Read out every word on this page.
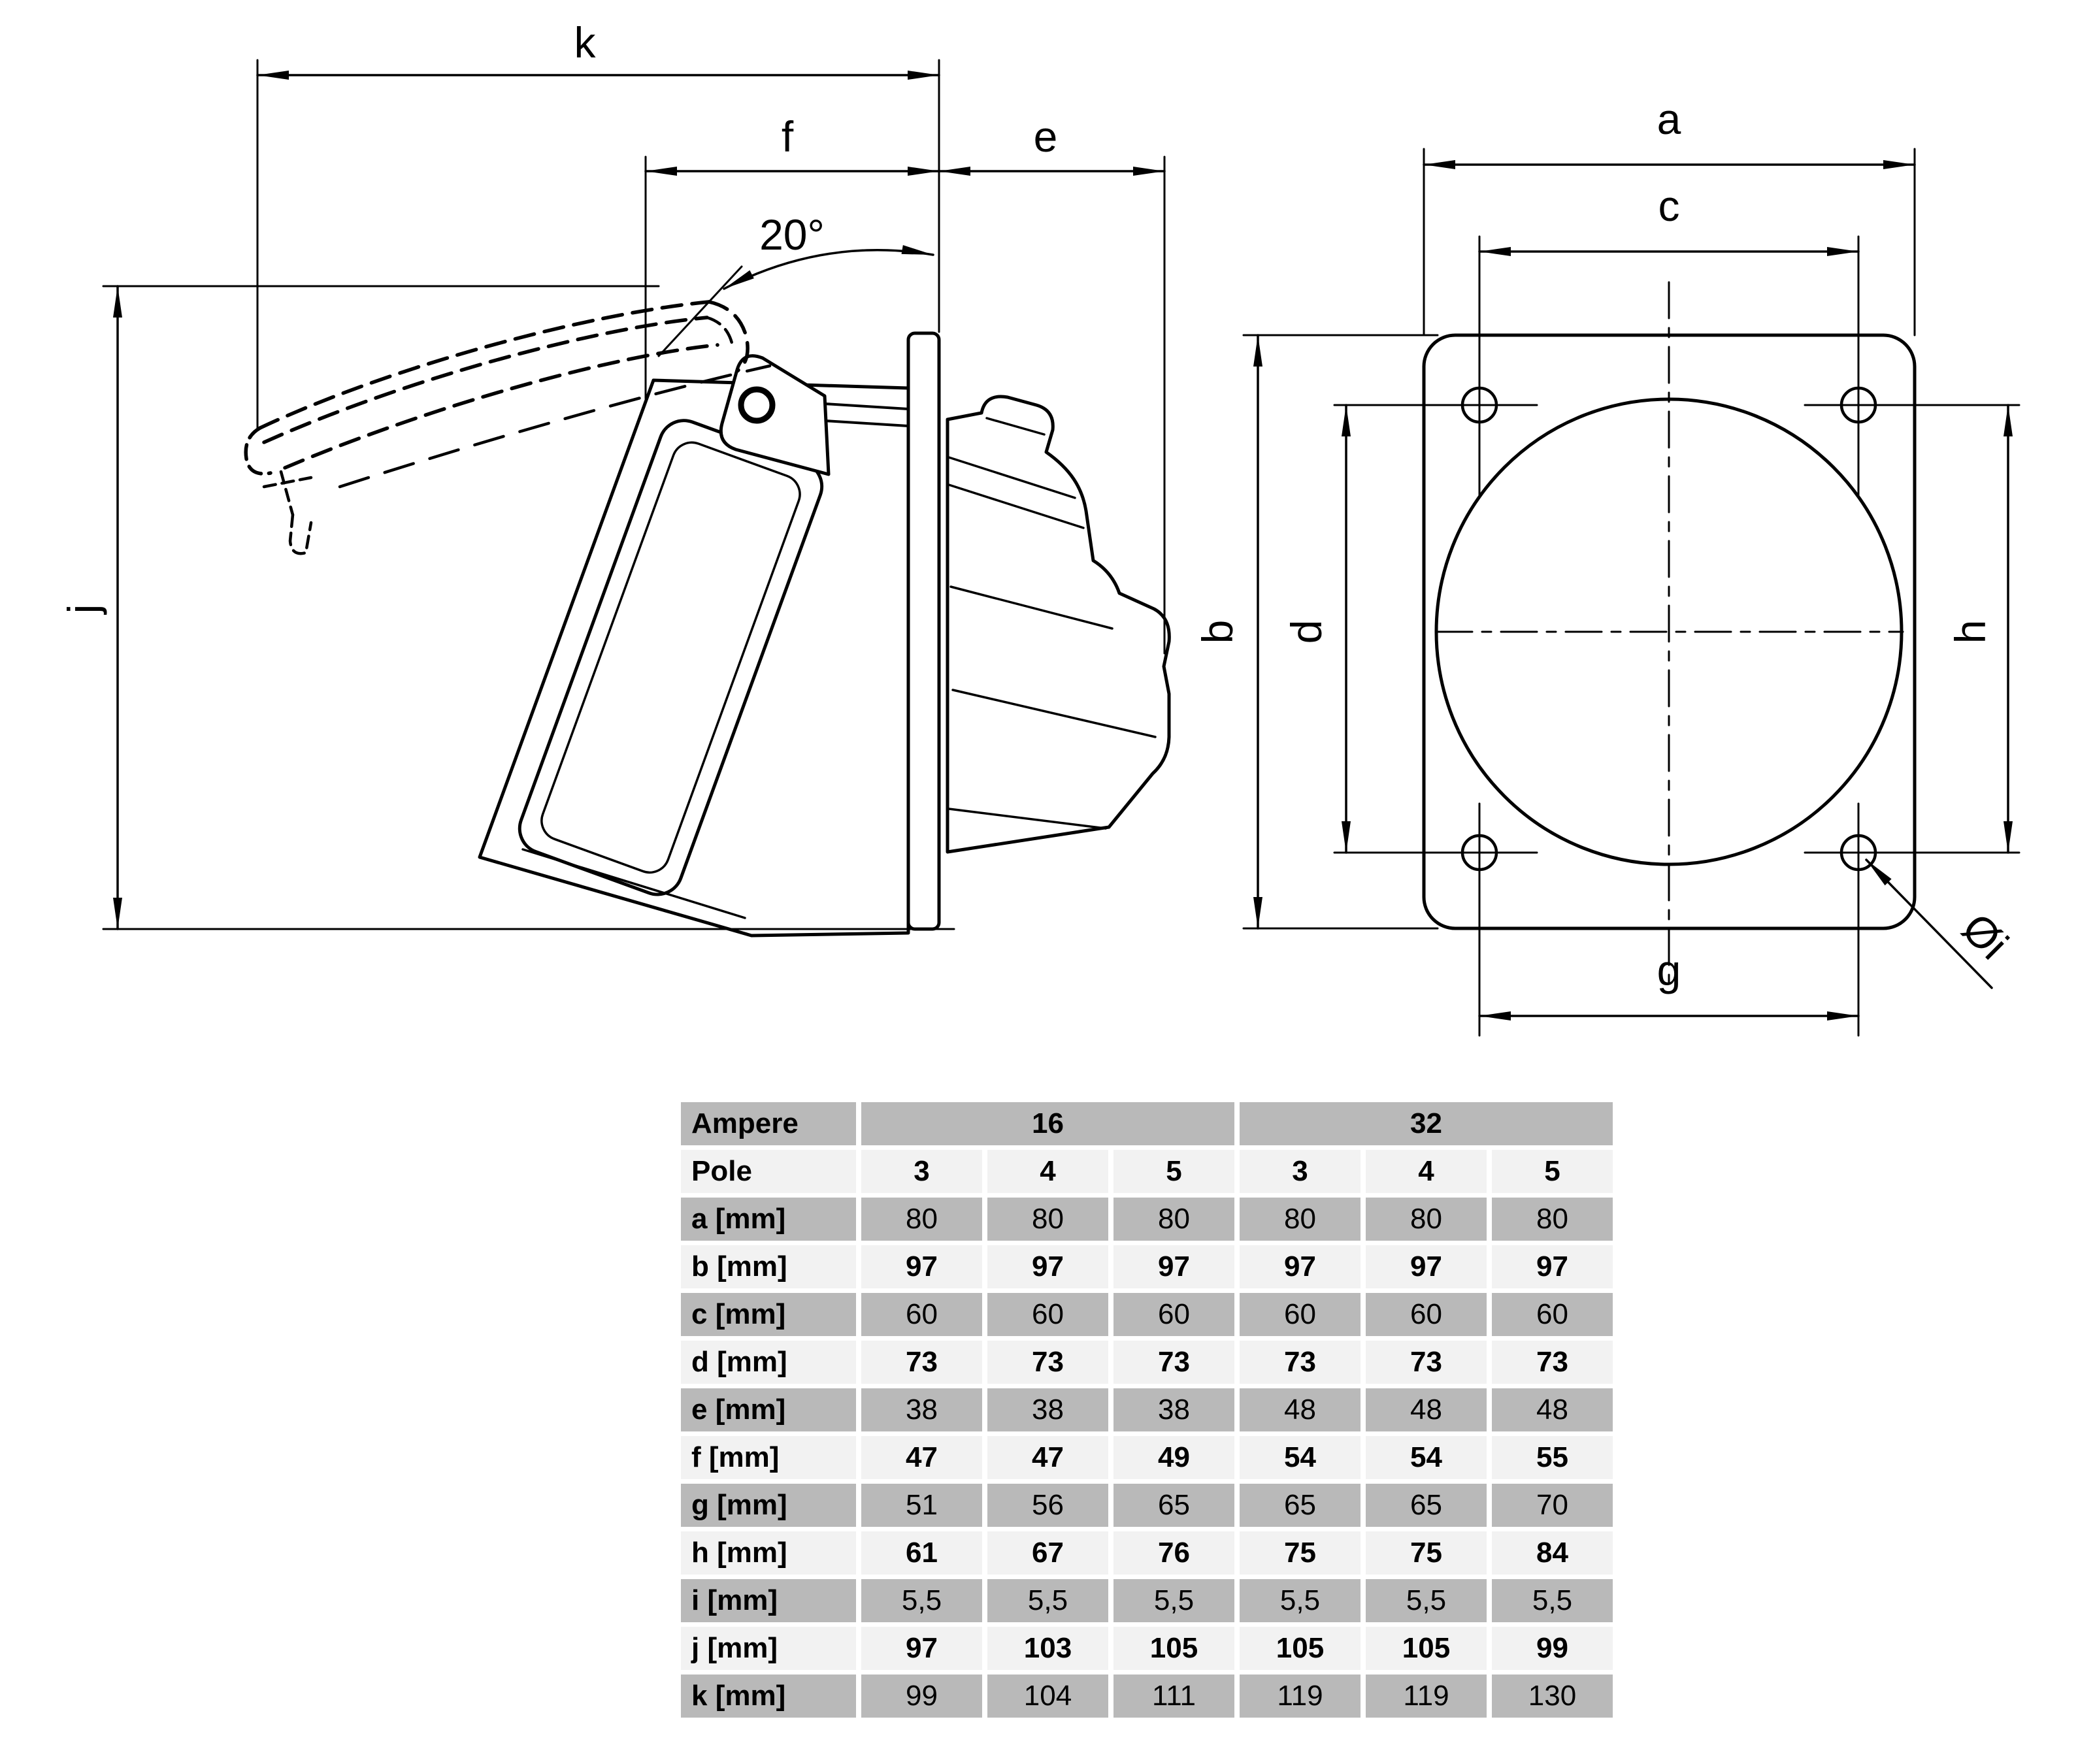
k
f	e
20°
j
a
c
b d	h
g
Øi
Ampere	16			32		
Pole	3	4	5	3	4	5
a [mm]	80	80	80	80	80	80
b [mm]	97	97	97	97	97	97
c [mm]	60	60	60	60	60	60
d [mm]	73	73	73	73	73	73
e [mm]	38	38	38	48	48	48
f [mm]	47	47	49	54	54	55
g [mm]	51	56	65	65	65	70
h [mm]	61	67	76	75	75	84
i [mm]	5,5	5,5	5,5	5,5	5,5	5,5
j [mm]	97	103	105	105	105	99
k [mm]	99	104	111	119	119	130
